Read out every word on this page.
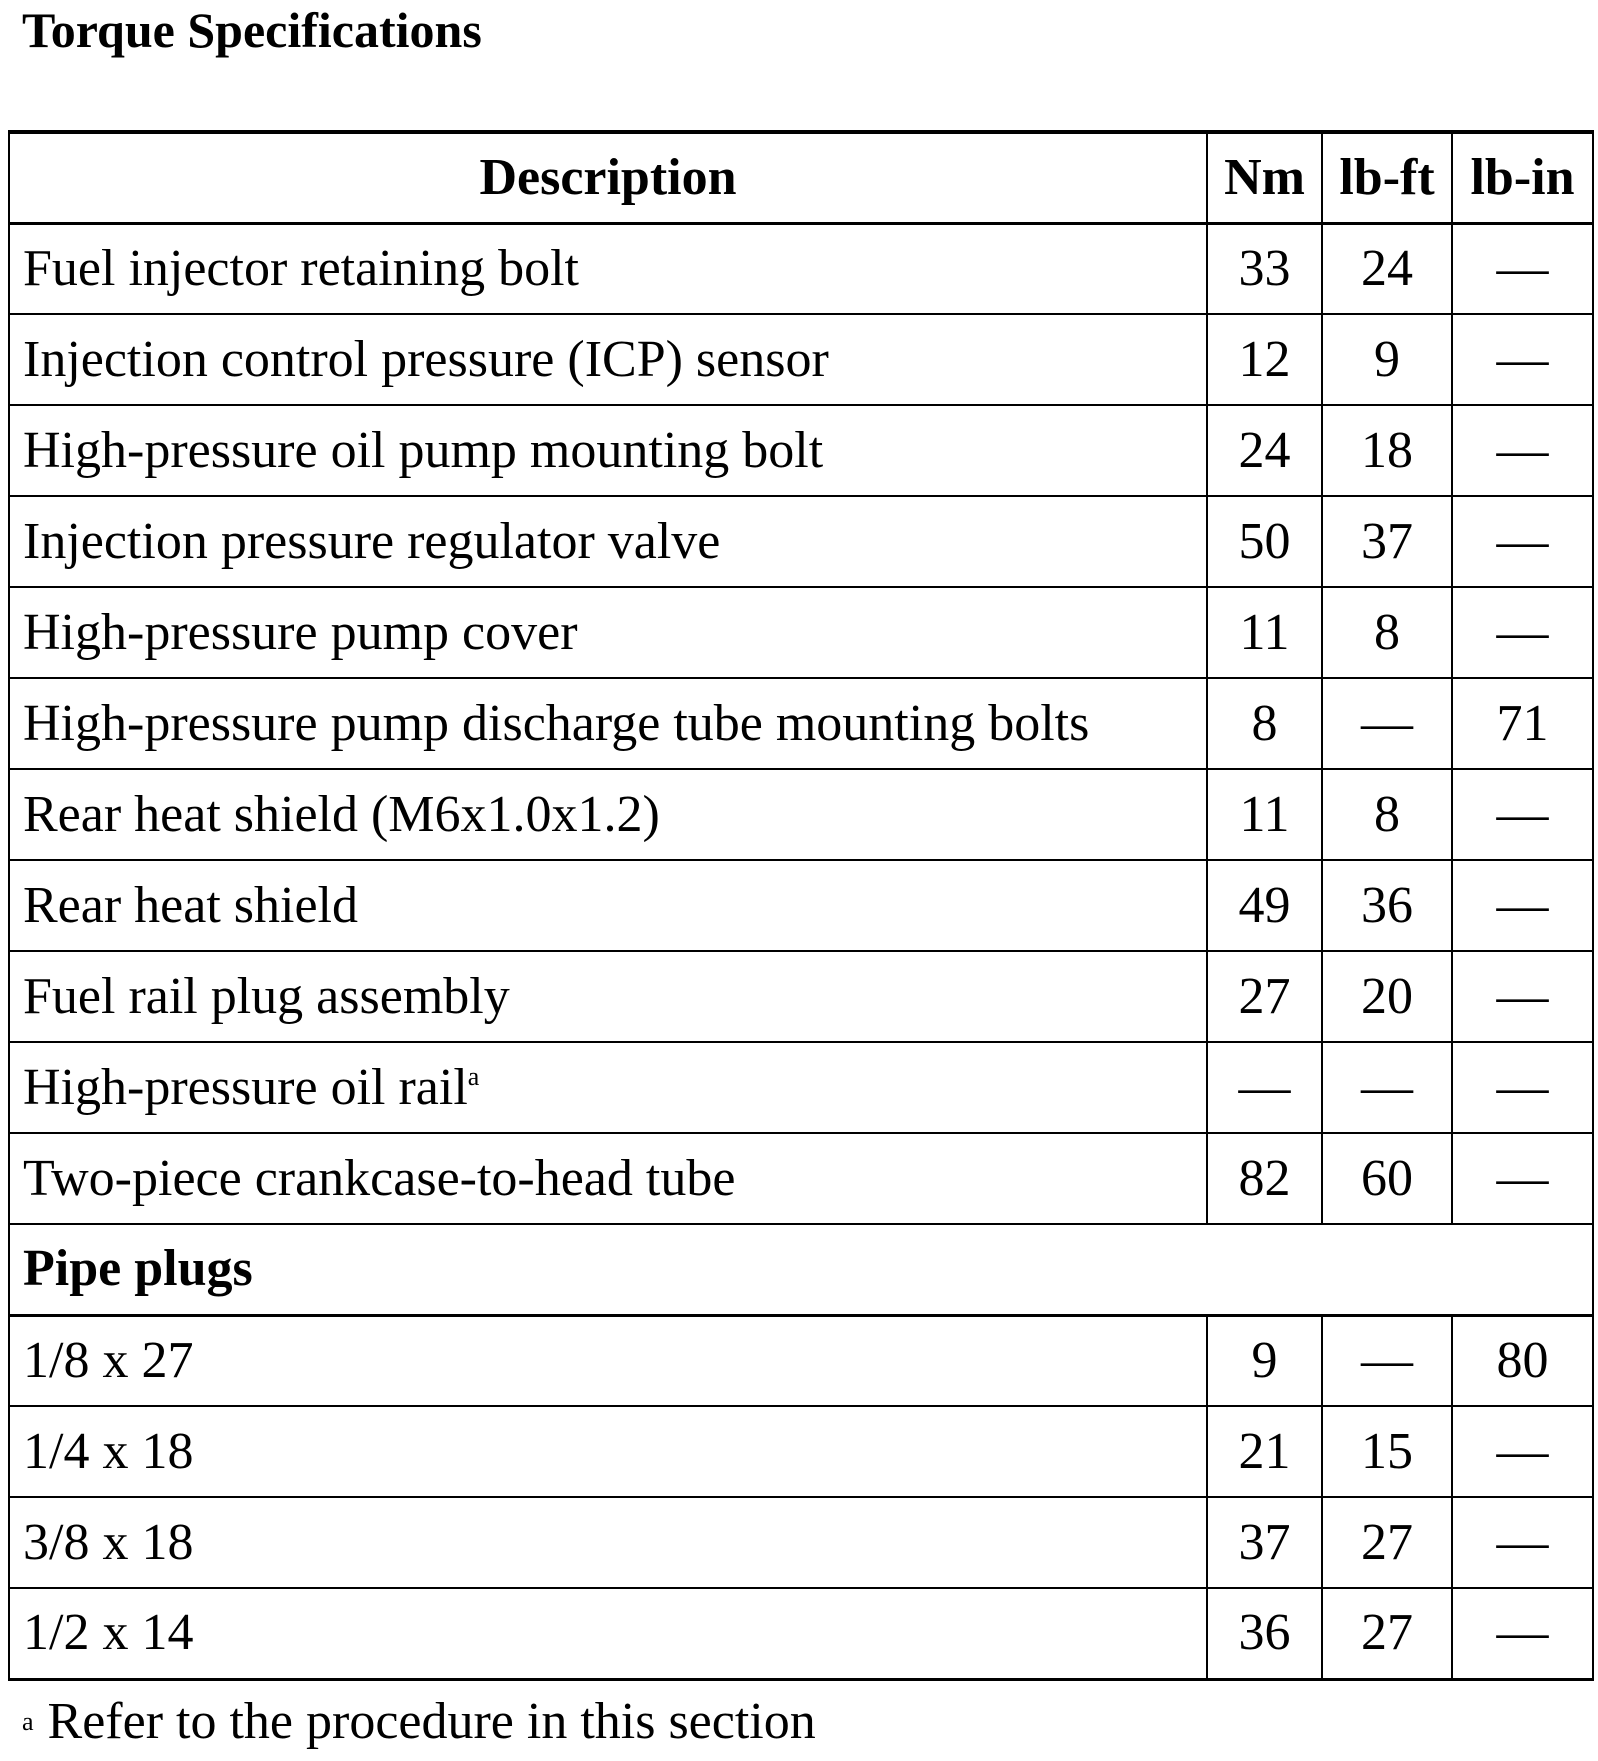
Torque Specifications
Description	Nm	lb-ft	lb-in
Fuel injector retaining bolt	33	24	—
Injection control pressure (ICP) sensor	12	9	—
High-pressure oil pump mounting bolt	24	18	—
Injection pressure regulator valve	50	37	—
High-pressure pump cover	11	8	—
High-pressure pump discharge tube mounting bolts	8	—	71
Rear heat shield (M6x1.0x1.2)	11	8	—
Rear heat shield	49	36	—
Fuel rail plug assembly	27	20	—
High-pressure oil rail$^a$	—	—	—
Two-piece crankcase-to-head tube	82	60	—
Pipe plugs			
1/8 x 27	9	—	80
1/4 x 18	21	15	—
3/8 x 18	37	27	—
1/2 x 14	36	27	—

$^a$ Refer to the procedure in this section
